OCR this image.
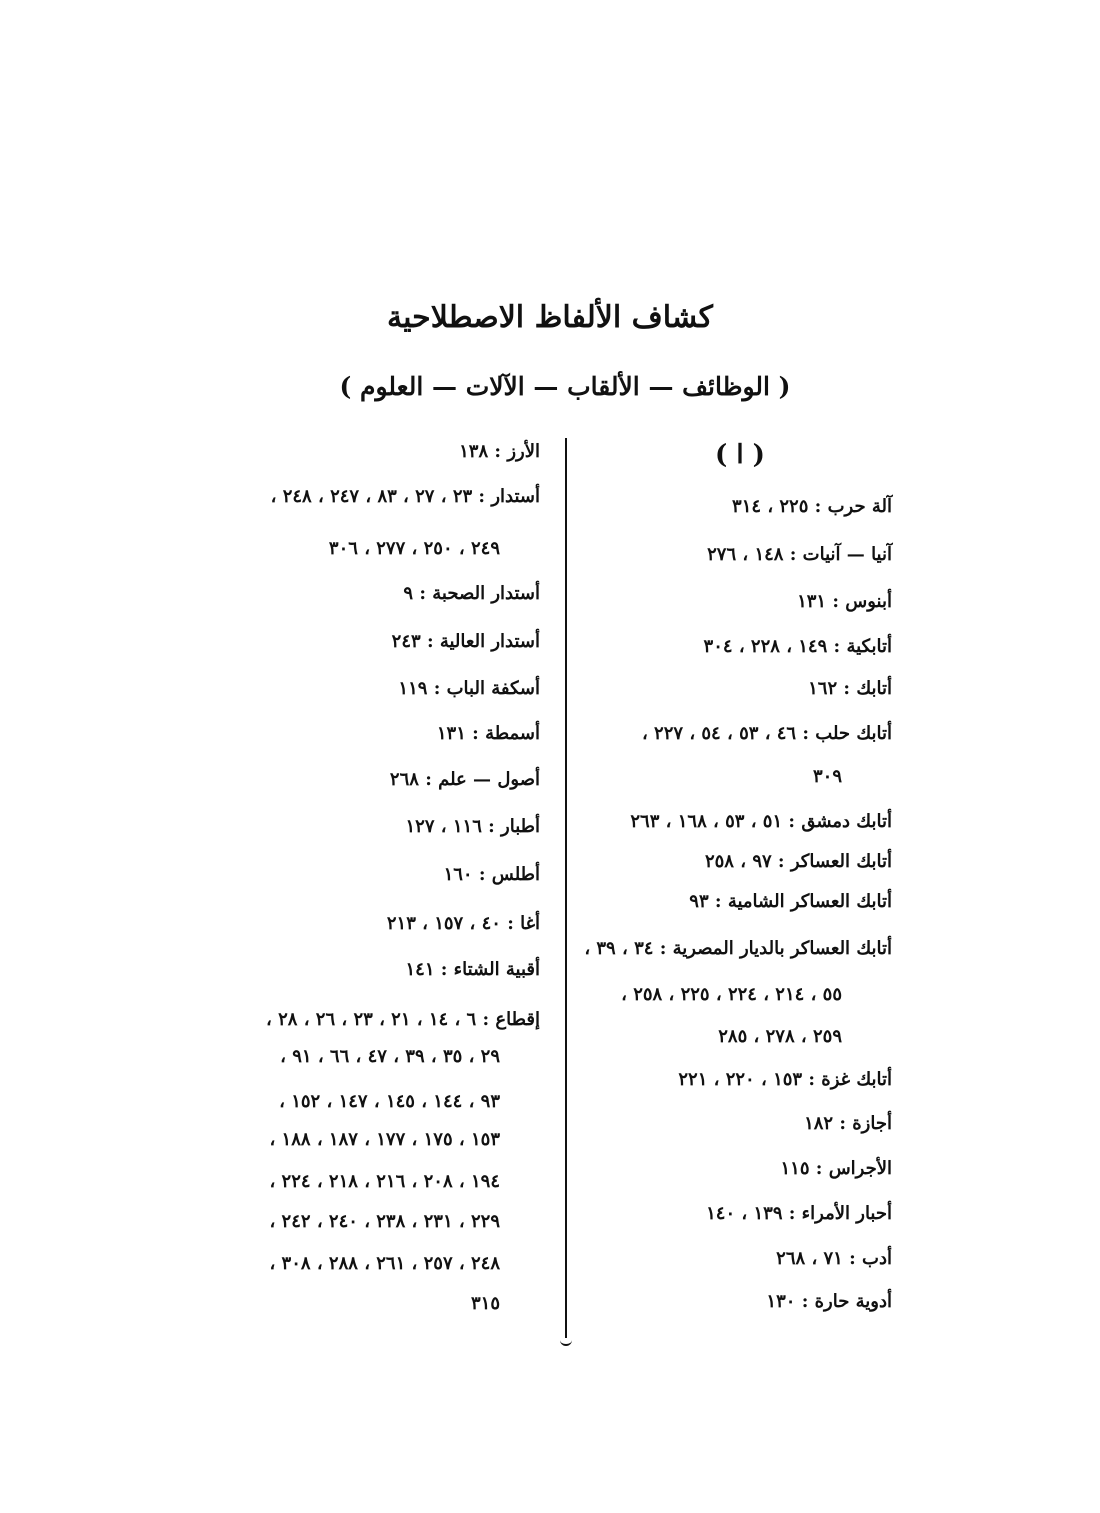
كشاف الألفاظ الاصطلاحية
( الوظائف — الألقاب — الآلات — العلوم )
( ا )
آلة حرب : ٢٢٥ ، ٣١٤
آنيا — آنيات : ١٤٨ ، ٢٧٦
أبنوس : ١٣١
أتابكية : ١٤٩ ، ٢٢٨ ، ٣٠٤
أتابك : ١٦٢
أتابك حلب : ٤٦ ، ٥٣ ، ٥٤ ، ٢٢٧ ،
٣٠٩
أتابك دمشق : ٥١ ، ٥٣ ، ١٦٨ ، ٢٦٣
أتابك العساكر : ٩٧ ، ٢٥٨
أتابك العساكر الشامية : ٩٣
أتابك العساكر بالديار المصرية : ٣٤ ، ٣٩ ،
٥٥ ، ٢١٤ ، ٢٢٤ ، ٢٢٥ ، ٢٥٨ ،
٢٥٩ ، ٢٧٨ ، ٢٨٥
أتابك غزة : ١٥٣ ، ٢٢٠ ، ٢٢١
أجازة : ١٨٢
الأجراس : ١١٥
أحبار الأمراء : ١٣٩ ، ١٤٠
أدب : ٧١ ، ٢٦٨
أدوية حارة : ١٣٠
الأرز : ١٣٨
أستدار : ٢٣ ، ٢٧ ، ٨٣ ، ٢٤٧ ، ٢٤٨ ،
٢٤٩ ، ٢٥٠ ، ٢٧٧ ، ٣٠٦
أستدار الصحبة : ٩
أستدار العالية : ٢٤٣
أسكفة الباب : ١١٩
أسمطة : ١٣١
أصول — علم : ٢٦٨
أطبار : ١١٦ ، ١٢٧
أطلس : ١٦٠
أغا : ٤٠ ، ١٥٧ ، ٢١٣
أقبية الشتاء : ١٤١
إقطاع : ٦ ، ١٤ ، ٢١ ، ٢٣ ، ٢٦ ، ٢٨ ،
٢٩ ، ٣٥ ، ٣٩ ، ٤٧ ، ٦٦ ، ٩١ ،
٩٣ ، ١٤٤ ، ١٤٥ ، ١٤٧ ، ١٥٢ ،
١٥٣ ، ١٧٥ ، ١٧٧ ، ١٨٧ ، ١٨٨ ،
١٩٤ ، ٢٠٨ ، ٢١٦ ، ٢١٨ ، ٢٢٤ ،
٢٢٩ ، ٢٣١ ، ٢٣٨ ، ٢٤٠ ، ٢٤٢ ،
٢٤٨ ، ٢٥٧ ، ٢٦١ ، ٢٨٨ ، ٣٠٨ ،
٣١٥
